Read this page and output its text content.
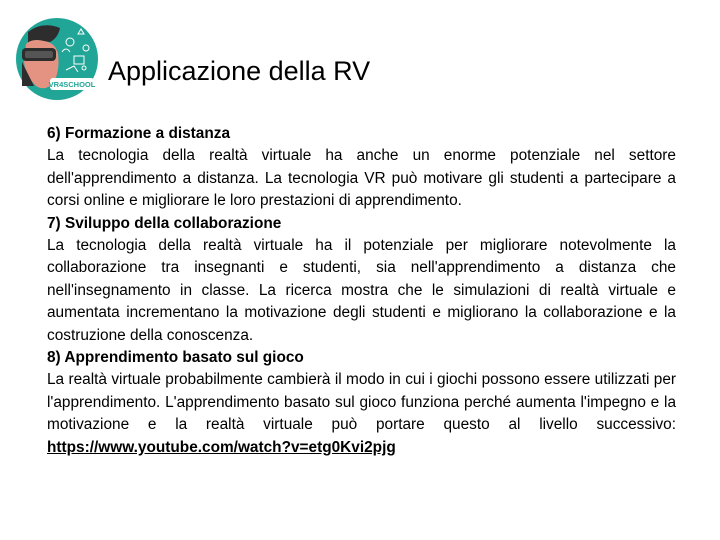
VR4SCHOOL Applicazione della RV

6) Formazione a distanza

La tecnologia della realtà virtuale ha anche un enorme potenziale nel settore dell'apprendimento a distanza. La tecnologia VR può motivare gli studenti a partecipare a corsi online e migliorare le loro prestazioni di apprendimento.

7) Sviluppo della collaborazione

La tecnologia della realtà virtuale ha il potenziale per migliorare notevolmente la collaborazione tra insegnanti e studenti, sia nell'apprendimento a distanza che nell'insegnamento in classe. La ricerca mostra che le simulazioni di realtà virtuale e aumentata incrementano la motivazione degli studenti e migliorano la collaborazione e la costruzione della conoscenza.

8) Apprendimento basato sul gioco

La realtà virtuale probabilmente cambierà il modo in cui i giochi possono essere utilizzati per l'apprendimento. L'apprendimento basato sul gioco funziona perché aumenta l'impegno e la motivazione e la realtà virtuale può portare questo al livello successivo: https://www.youtube.com/watch?v=etg0Kvi2pjg
